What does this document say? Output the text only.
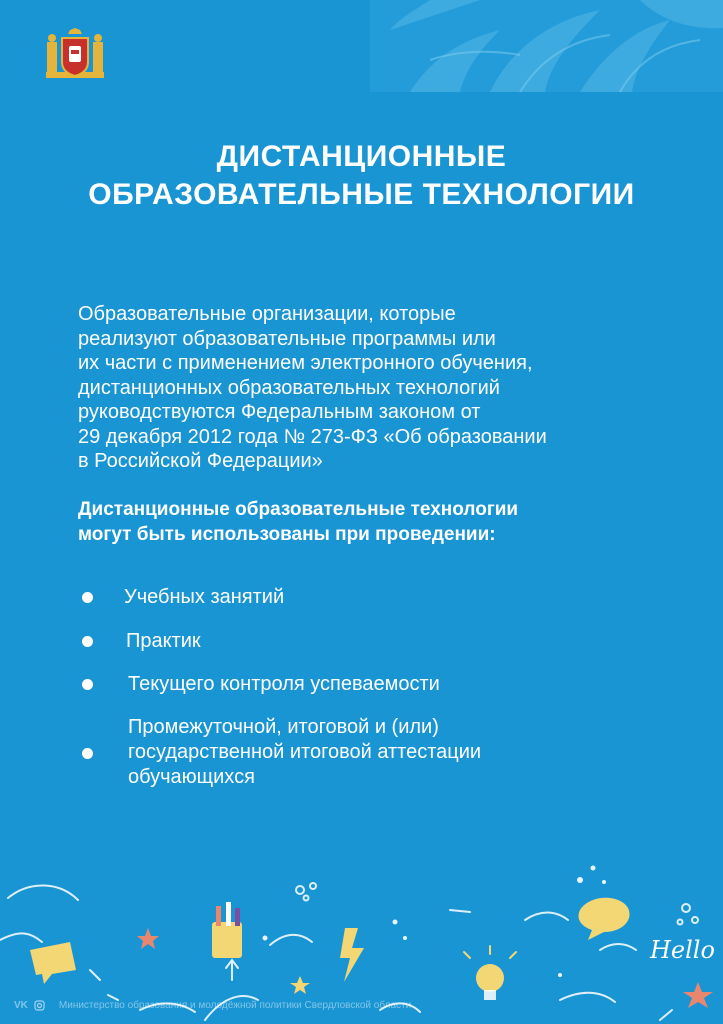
ДИСТАНЦИОННЫЕ
ОБРАЗОВАТЕЛЬНЫЕ ТЕХНОЛОГИИ
Образовательные организации, которые
реализуют образовательные программы или
их части с применением электронного обучения,
дистанционных образовательных технологий
руководствуются Федеральным законом от
29 декабря 2012 года № 273-ФЗ «Об образовании
в Российской Федерации»
Дистанционные образовательные технологии
могут быть использованы при проведении:
Учебных занятий
Практик
Текущего контроля успеваемости
Промежуточной, итоговой и (или)
государственной итоговой аттестации
обучающихся
Hello
VK	Министерство образования и молодёжной политики Свердловской области
